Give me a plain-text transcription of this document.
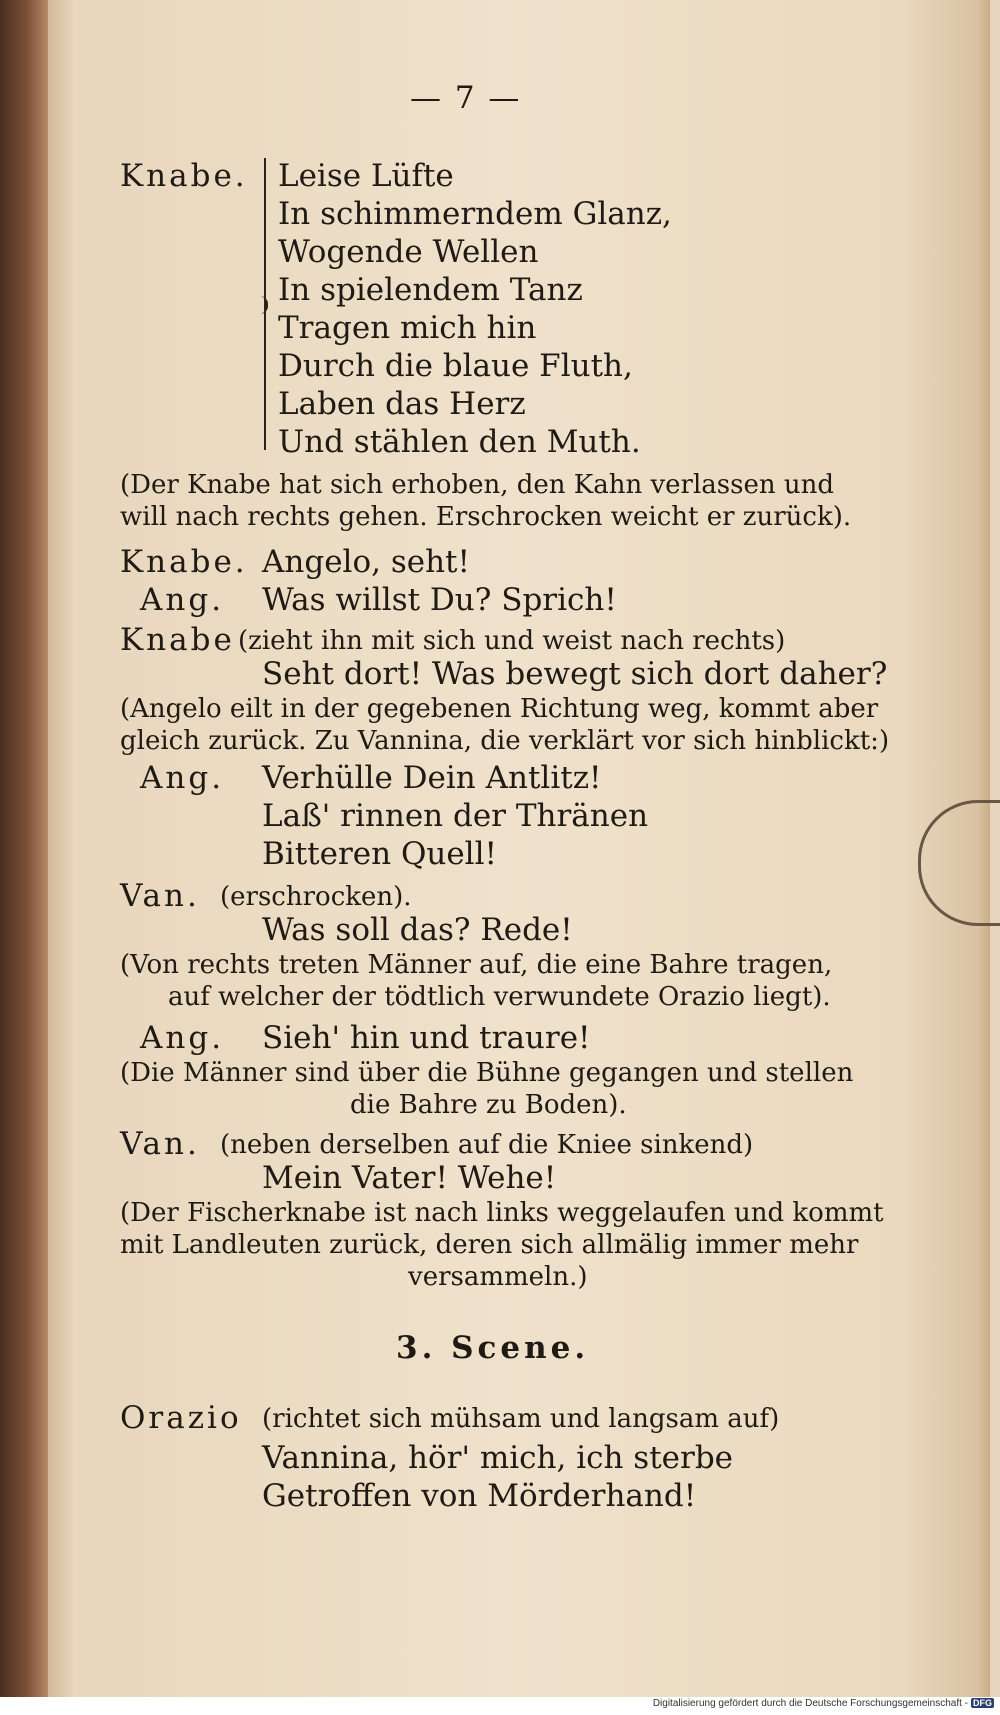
— 7 —
Knabe. Leise Lüfte
In schimmerndem Glanz,
Wogende Wellen
In spielendem Tanz
Tragen mich hin
Durch die blaue Fluth,
Laben das Herz
Und stählen den Muth.
(Der Knabe hat sich erhoben, den Kahn verlassen und
will nach rechts gehen. Erschrocken weicht er zurück).
Knabe. Angelo, seht!
Ang. Was willst Du? Sprich!
Knabe (zieht ihn mit sich und weist nach rechts)
Seht dort! Was bewegt sich dort daher?
(Angelo eilt in der gegebenen Richtung weg, kommt aber
gleich zurück. Zu Vannina, die verklärt vor sich hinblickt:)
Ang. Verhülle Dein Antlitz!
Laß' rinnen der Thränen
Bitteren Quell!
Van. (erschrocken).
Was soll das? Rede!
(Von rechts treten Männer auf, die eine Bahre tragen,
auf welcher der tödtlich verwundete Orazio liegt).
Ang. Sieh' hin und traure!
(Die Männer sind über die Bühne gegangen und stellen
die Bahre zu Boden).
Van. (neben derselben auf die Kniee sinkend)
Mein Vater! Wehe!
(Der Fischerknabe ist nach links weggelaufen und kommt
mit Landleuten zurück, deren sich allmälig immer mehr
versammeln.)
3. Scene.
Orazio (richtet sich mühsam und langsam auf)
Vannina, hör' mich, ich sterbe
Getroffen von Mörderhand!
Digitalisierung gefördert durch die Deutsche Forschungsgemeinschaft - DFG
